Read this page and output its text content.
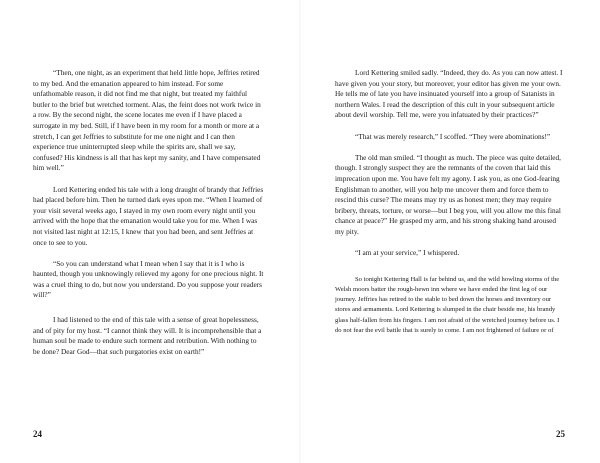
“Then, one night, as an experiment that held little hope, Jeffries retired to my bed. And the emanation appeared to him instead. For some unfathomable reason, it did not find me that night, but treated my faithful butler to the brief but wretched torment. Alas, the feint does not work twice in a row. By the second night, the scene locates me even if I have placed a surrogate in my bed. Still, if I have been in my room for a month or more at a stretch, I can get Jeffries to substitute for me one night and I can then experience true uninterrupted sleep while the spirits are, shall we say, confused? His kindness is all that has kept my sanity, and I have compensated him well.”

Lord Kettering ended his tale with a long draught of brandy that Jeffries had placed before him. Then he turned dark eyes upon me. “When I learned of your visit several weeks ago, I stayed in my own room every night until you arrived with the hope that the emanation would take you for me. When I was not visited last night at 12:15, I knew that you had been, and sent Jeffries at once to see to you.

“So you can understand what I mean when I say that it is I who is haunted, though you unknowingly relieved my agony for one precious night. It was a cruel thing to do, but now you understand. Do you suppose your readers will?”

I had listened to the end of this tale with a sense of great hopelessness, and of pity for my host. “I cannot think they will. It is incomprehensible that a human soul be made to endure such torment and retribution. With nothing to be done? Dear God—that such purgatories exist on earth!”

24

Lord Kettering smiled sadly. “Indeed, they do. As you can now attest. I have given you your story, but moreover, your editor has given me your own. He tells me of late you have insinuated yourself into a group of Satanists in northern Wales. I read the description of this cult in your subsequent article about devil worship. Tell me, were you infatuated by their practices?”

“That was merely research,” I scoffed. “They were abominations!”

The old man smiled. “I thought as much. The piece was quite detailed, though. I strongly suspect they are the remnants of the coven that laid this imprecation upon me. You have felt my agony. I ask you, as one God-fearing Englishman to another, will you help me uncover them and force them to rescind this curse? The means may try us as honest men; they may require bribery, threats, torture, or worse—but I beg you, will you allow me this final chance at peace?” He grasped my arm, and his strong shaking hand aroused my pity.

“I am at your service,” I whispered.

So tonight Kettering Hall is far behind us, and the wild howling storms of the Welsh moors batter the rough-hewn inn where we have ended the first leg of our journey. Jeffries has retired to the stable to bed down the horses and inventory our stores and armaments. Lord Kettering is slumped in the chair beside me, his brandy glass half-fallen from his fingers. I am not afraid of the wretched journey before us. I do not fear the evil battle that is surely to come. I am not frightened of failure or of

25
